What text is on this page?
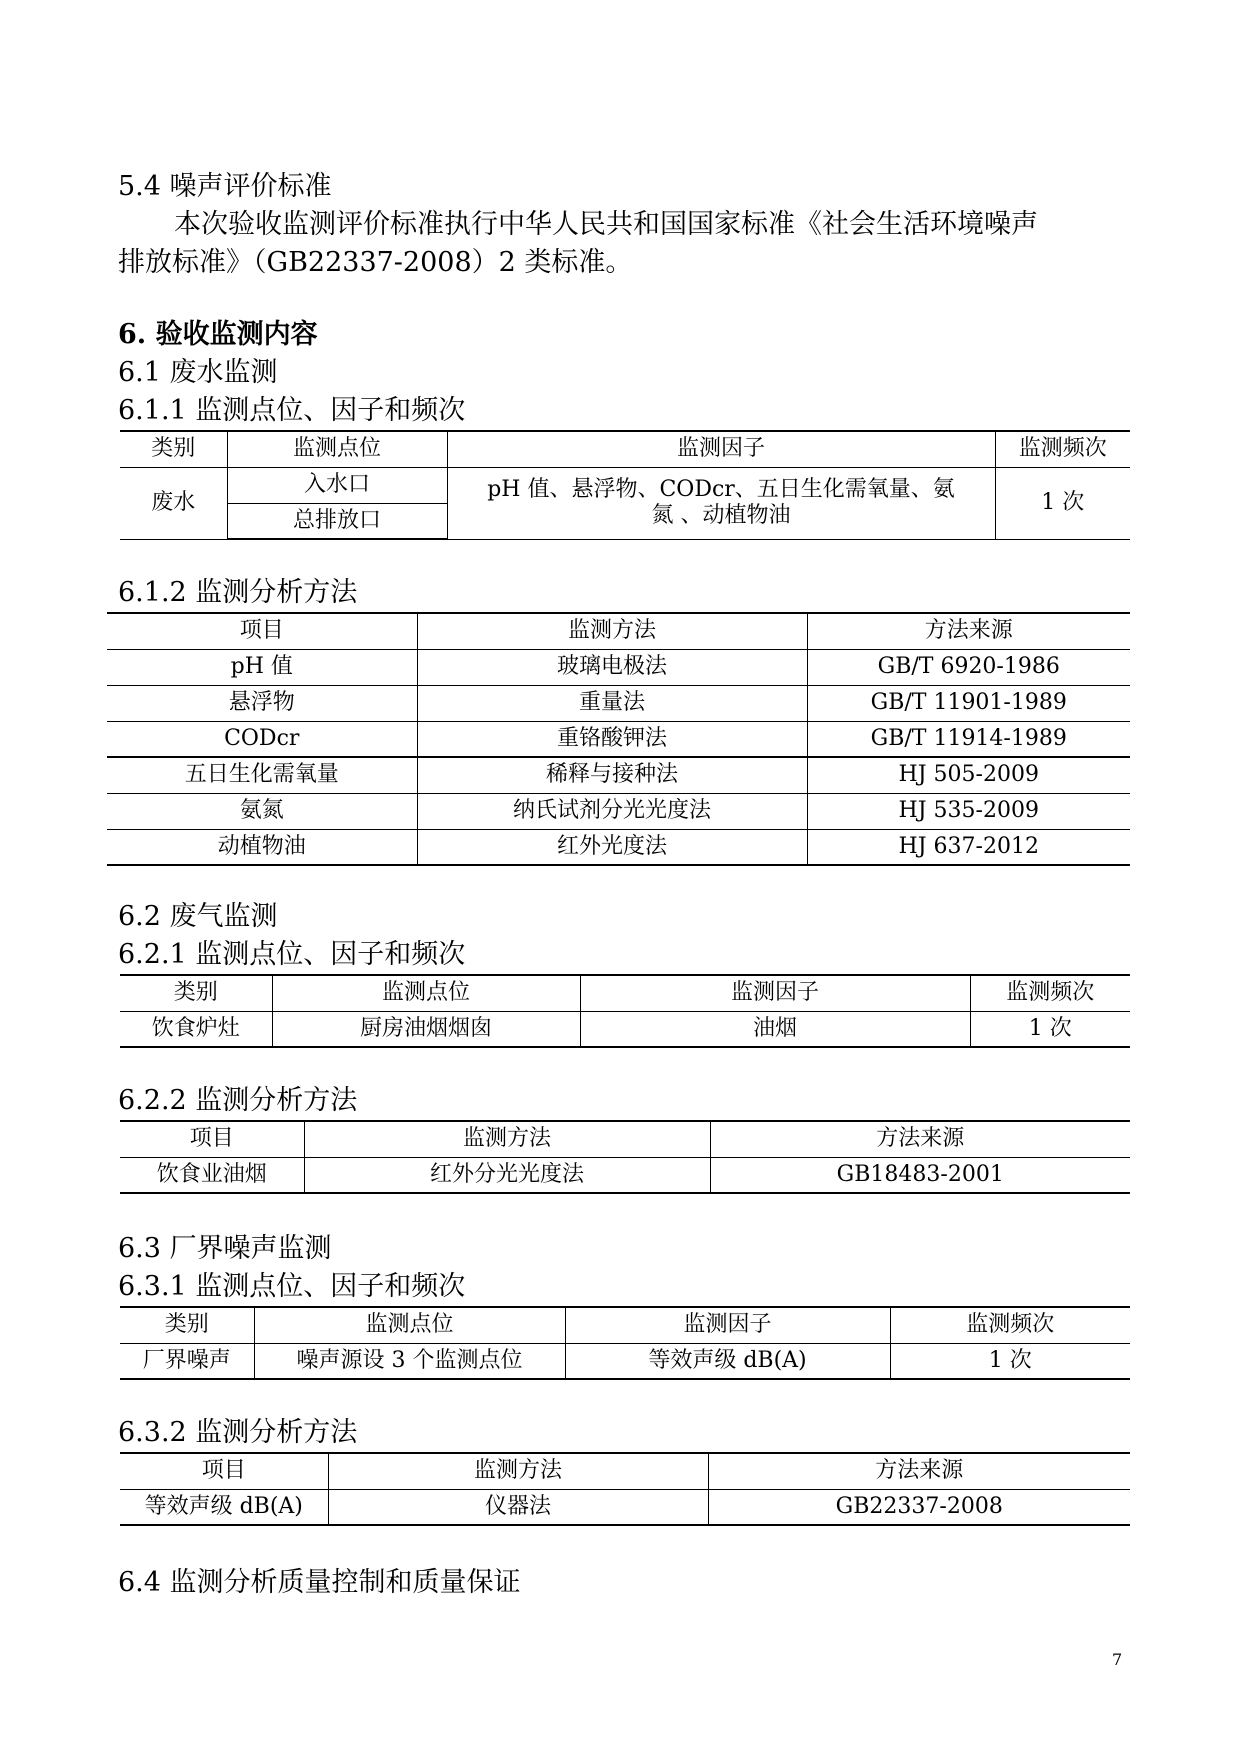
5.4 噪声评价标准
本次验收监测评价标准执行中华人民共和国国家标准《社会生活环境噪声
排放标准》（GB22337-2008）2 类标准。
6. 验收监测内容
6.1 废水监测
6.1.1 监测点位、因子和频次
类别	监测点位	监测因子	监测频次
废水	入水口	pH 值、悬浮物、CODcr、五日生化需氧量、氨
氮 、动植物油	1 次
	总排放口		
6.1.2 监测分析方法
项目	监测方法	方法来源
pH 值	玻璃电极法	GB/T 6920-1986
悬浮物	重量法	GB/T 11901-1989
CODcr	重铬酸钾法	GB/T 11914-1989
五日生化需氧量	稀释与接种法	HJ 505-2009
氨氮	纳氏试剂分光光度法	HJ 535-2009
动植物油	红外光度法	HJ 637-2012
6.2 废气监测
6.2.1 监测点位、因子和频次
类别	监测点位	监测因子	监测频次
饮食炉灶	厨房油烟烟囱	油烟	1 次
6.2.2 监测分析方法
项目	监测方法	方法来源
饮食业油烟	红外分光光度法	GB18483-2001
6.3 厂界噪声监测
6.3.1 监测点位、因子和频次
类别	监测点位	监测因子	监测频次
厂界噪声	噪声源设 3 个监测点位	等效声级 dB(A)	1 次
6.3.2 监测分析方法
项目	监测方法	方法来源
等效声级 dB(A)	仪器法	GB22337-2008
6.4 监测分析质量控制和质量保证
7
